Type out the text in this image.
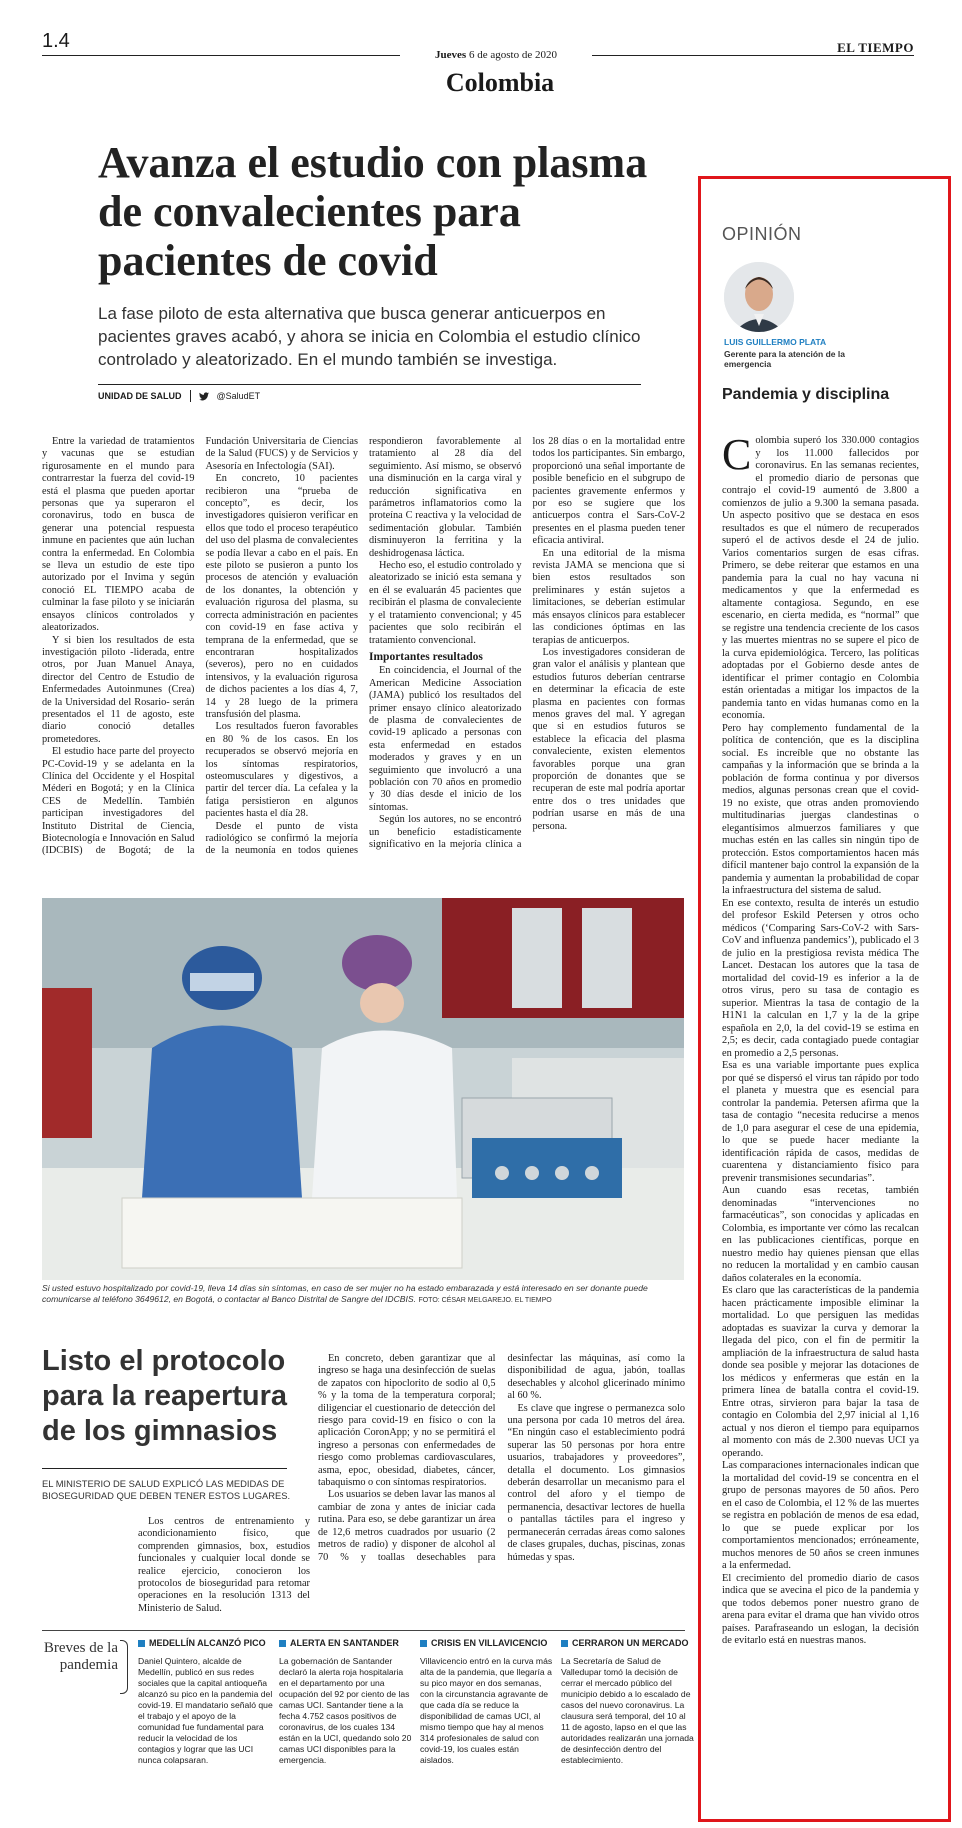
1.4
Jueves 6 de agosto de 2020	EL TIEMPO
Colombia
Avanza el estudio con plasma de convalecientes para pacientes de covid

La fase piloto de esta alternativa que busca generar anticuerpos en pacientes graves acabó, y ahora se inicia en Colombia el estudio clínico controlado y aleatorizado. En el mundo también se investiga.

UNIDAD DE SALUD	@SaludET

Entre la variedad de tratamientos y vacunas que se estudian rigurosamente en el mundo para contrarrestar la fuerza del covid-19 está el plasma que pueden aportar personas que ya superaron el coronavirus, todo en busca de generar una potencial respuesta inmune en pacientes que aún luchan contra la enfermedad. En Colombia se lleva un estudio de este tipo autorizado por el Invima y según conoció EL TIEMPO acaba de culminar la fase piloto y se iniciarán ensayos clínicos controlados y aleatorizados.

Y si bien los resultados de esta investigación piloto -liderada, entre otros, por Juan Manuel Anaya, director del Centro de Estudio de Enfermedades Autoinmunes (Crea) de la Universidad del Rosario- serán presentados el 11 de agosto, este diario conoció detalles prometedores.

El estudio hace parte del proyecto PC-Covid-19 y se adelanta en la Clínica del Occidente y el Hospital Méderi en Bogotá; y en la Clínica CES de Medellín. También participan investigadores del Instituto Distrital de Ciencia, Biotecnología e Innovación en Salud (IDCBIS) de Bogotá; de la Fundación Universitaria de Ciencias de la Salud (FUCS) y de Servicios y Asesoría en Infectología (SAI).

En concreto, 10 pacientes recibieron una “prueba de concepto”, es decir, los investigadores quisieron verificar en ellos que todo el proceso terapéutico del uso del plasma de convalecientes se podía llevar a cabo en el país. En este piloto se pusieron a punto los procesos de atención y evaluación de los donantes, la obtención y evaluación rigurosa del plasma, su correcta administración en pacientes con covid-19 en fase activa y temprana de la enfermedad, que se encontraran hospitalizados (severos), pero no en cuidados intensivos, y la evaluación rigurosa de dichos pacientes a los días 4, 7, 14 y 28 luego de la primera transfusión del plasma.

Los resultados fueron favorables en 80 % de los casos. En los recuperados se observó mejoría en los síntomas respiratorios, osteomusculares y digestivos, a partir del tercer día. La cefalea y la fatiga persistieron en algunos pacientes hasta el día 28.

Desde el punto de vista radiológico se confirmó la mejoría de la neumonía en todos quienes respondieron favorablemente al tratamiento al 28 día del seguimiento. Así mismo, se observó una disminución en la carga viral y reducción significativa en parámetros inflamatorios como la proteína C reactiva y la velocidad de sedimentación globular. También disminuyeron la ferritina y la deshidrogenasa láctica.

Hecho eso, el estudio controlado y aleatorizado se inició esta semana y en él se evaluarán 45 pacientes que recibirán el plasma de convaleciente y el tratamiento convencional; y 45 pacientes que solo recibirán el tratamiento convencional.

Importantes resultados

En coincidencia, el Journal of the American Medicine Association (JAMA) publicó los resultados del primer ensayo clínico aleatorizado de plasma de convalecientes de covid-19 aplicado a personas con esta enfermedad en estados moderados y graves y en un seguimiento que involucró a una población con 70 años en promedio y 30 días desde el inicio de los síntomas.

Según los autores, no se encontró un beneficio estadísticamente significativo en la mejoría clínica a los 28 días o en la mortalidad entre todos los participantes. Sin embargo, proporcionó una señal importante de posible beneficio en el subgrupo de pacientes gravemente enfermos y por eso se sugiere que los anticuerpos contra el Sars-CoV-2 presentes en el plasma pueden tener eficacia antiviral.

En una editorial de la misma revista JAMA se menciona que si bien estos resultados son preliminares y están sujetos a limitaciones, se deberían estimular más ensayos clínicos para establecer las condiciones óptimas en las terapias de anticuerpos.

Los investigadores consideran de gran valor el análisis y plantean que estudios futuros deberían centrarse en determinar la eficacia de este plasma en pacientes con formas menos graves del mal. Y agregan que si en estudios futuros se establece la eficacia del plasma convaleciente, existen elementos favorables porque una gran proporción de donantes que se recuperan de este mal podría aportar entre dos o tres unidades que podrían usarse en más de una persona.

Si usted estuvo hospitalizado por covid-19, lleva 14 días sin síntomas, en caso de ser mujer no ha estado embarazada y está interesado en ser donante puede comunicarse al teléfono 3649612, en Bogotá, o contactar al Banco Distrital de Sangre del IDCBIS. FOTO: CÉSAR MELGAREJO. EL TIEMPO

Listo el protocolo para la reapertura de los gimnasios

EL MINISTERIO DE SALUD EXPLICÓ LAS MEDIDAS DE BIOSEGURIDAD QUE DEBEN TENER ESTOS LUGARES.

Los centros de entrenamiento y acondicionamiento físico, que comprenden gimnasios, box, estudios funcionales y cualquier local donde se realice ejercicio, conocieron los protocolos de bioseguridad para retomar operaciones en la resolución 1313 del Ministerio de Salud.

En concreto, deben garantizar que al ingreso se haga una desinfección de suelas de zapatos con hipoclorito de sodio al 0,5 % y la toma de la temperatura corporal; diligenciar el cuestionario de detección del riesgo para covid-19 en físico o con la aplicación CoronApp; y no se permitirá el ingreso a personas con enfermedades de riesgo como problemas cardiovasculares, asma, epoc, obesidad, diabetes, cáncer, tabaquismo o con síntomas respiratorios.

Los usuarios se deben lavar las manos al cambiar de zona y antes de iniciar cada rutina. Para eso, se debe garantizar un área de 12,6 metros cuadrados por usuario (2 metros de radio) y disponer de alcohol al 70 % y toallas desechables para desinfectar las máquinas, así como la disponibilidad de agua, jabón, toallas desechables y alcohol glicerinado mínimo al 60 %.

Es clave que ingrese o permanezca solo una persona por cada 10 metros del área. “En ningún caso el establecimiento podrá superar las 50 personas por hora entre usuarios, trabajadores y proveedores”, detalla el documento. Los gimnasios deberán desarrollar un mecanismo para el control del aforo y el tiempo de permanencia, desactivar lectores de huella o pantallas táctiles para el ingreso y permanecerán cerradas áreas como salones de clases grupales, duchas, piscinas, zonas húmedas y spas.

Breves de la pandemia
MEDELLÍN ALCANZÓ PICO

Daniel Quintero, alcalde de Medellín, publicó en sus redes sociales que la capital antioqueña alcanzó su pico en la pandemia del covid-19. El mandatario señaló que el trabajo y el apoyo de la comunidad fue fundamental para reducir la velocidad de los contagios y lograr que las UCI nunca colapsaran.

ALERTA EN SANTANDER

La gobernación de Santander declaró la alerta roja hospitalaria en el departamento por una ocupación del 92 por ciento de las camas UCI. Santander tiene a la fecha 4.752 casos positivos de coronavirus, de los cuales 134 están en la UCI, quedando solo 20 camas UCI disponibles para la emergencia.

CRISIS EN VILLAVICENCIO

Villavicencio entró en la curva más alta de la pandemia, que llegaría a su pico mayor en dos semanas, con la circunstancia agravante de que cada día se reduce la disponibilidad de camas UCI, al mismo tiempo que hay al menos 314 profesionales de salud con covid-19, los cuales están aislados.

CERRARON UN MERCADO

La Secretaría de Salud de Valledupar tomó la decisión de cerrar el mercado público del municipio debido a lo escalado de casos del nuevo coronavirus. La clausura será temporal, del 10 al 11 de agosto, lapso en el que las autoridades realizarán una jornada de desinfección dentro del establecimiento.

OPINIÓN
LUIS GUILLERMO PLATA
Gerente para la atención de la emergencia
Pandemia y disciplina

Colombia superó los 330.000 contagios y los 11.000 fallecidos por coronavirus. En las semanas recientes, el promedio diario de personas que contrajo el covid-19 aumentó de 3.800 a comienzos de julio a 9.300 la semana pasada. Un aspecto positivo que se destaca en esos resultados es que el número de recuperados superó el de activos desde el 24 de julio. Varios comentarios surgen de esas cifras. Primero, se debe reiterar que estamos en una pandemia para la cual no hay vacuna ni medicamentos y que la enfermedad es altamente contagiosa. Segundo, en ese escenario, en cierta medida, es “normal” que se registre una tendencia creciente de los casos y las muertes mientras no se supere el pico de la curva epidemiológica. Tercero, las políticas adoptadas por el Gobierno desde antes de identificar el primer contagio en Colombia están orientadas a mitigar los impactos de la pandemia tanto en vidas humanas como en la economía.

Pero hay complemento fundamental de la política de contención, que es la disciplina social. Es increíble que no obstante las campañas y la información que se brinda a la población de forma continua y por diversos medios, algunas personas crean que el covid-19 no existe, que otras anden promoviendo multitudinarias juergas clandestinas o elegantísimos almuerzos familiares y que muchas estén en las calles sin ningún tipo de protección. Estos comportamientos hacen más difícil mantener bajo control la expansión de la pandemia y aumentan la probabilidad de copar la infraestructura del sistema de salud.

En ese contexto, resulta de interés un estudio del profesor Eskild Petersen y otros ocho médicos (‘Comparing Sars-CoV-2 with Sars-CoV and influenza pandemics’), publicado el 3 de julio en la prestigiosa revista médica The Lancet. Destacan los autores que la tasa de mortalidad del covid-19 es inferior a la de otros virus, pero su tasa de contagio es superior. Mientras la tasa de contagio de la H1N1 la calculan en 1,7 y la de la gripe española en 2,0, la del covid-19 se estima en 2,5; es decir, cada contagiado puede contagiar en promedio a 2,5 personas.

Esa es una variable importante pues explica por qué se dispersó el virus tan rápido por todo el planeta y muestra que es esencial para controlar la pandemia. Petersen afirma que la tasa de contagio “necesita reducirse a menos de 1,0 para asegurar el cese de una epidemia, lo que se puede hacer mediante la identificación rápida de casos, medidas de cuarentena y distanciamiento físico para prevenir transmisiones secundarias”.

Aun cuando esas recetas, también denominadas “intervenciones no farmacéuticas”, son conocidas y aplicadas en Colombia, es importante ver cómo las recalcan en las publicaciones científicas, porque en nuestro medio hay quienes piensan que ellas no reducen la mortalidad y en cambio causan daños colaterales en la economía.

Es claro que las características de la pandemia hacen prácticamente imposible eliminar la mortalidad. Lo que persiguen las medidas adoptadas es suavizar la curva y demorar la llegada del pico, con el fin de permitir la ampliación de la infraestructura de salud hasta donde sea posible y mejorar las dotaciones de los médicos y enfermeras que están en la primera línea de batalla contra el covid-19. Entre otras, sirvieron para bajar la tasa de contagio en Colombia del 2,97 inicial al 1,16 actual y nos dieron el tiempo para equiparnos al momento con más de 2.300 nuevas UCI ya operando.

Las comparaciones internacionales indican que la mortalidad del covid-19 se concentra en el grupo de personas mayores de 50 años. Pero en el caso de Colombia, el 12 % de las muertes se registra en población de menos de esa edad, lo que se puede explicar por los comportamientos mencionados; erróneamente, muchos menores de 50 años se creen inmunes a la enfermedad.

El crecimiento del promedio diario de casos indica que se avecina el pico de la pandemia y que todos debemos poner nuestro grano de arena para evitar el drama que han vivido otros países. Parafraseando un eslogan, la decisión de evitarlo está en nuestras manos.
